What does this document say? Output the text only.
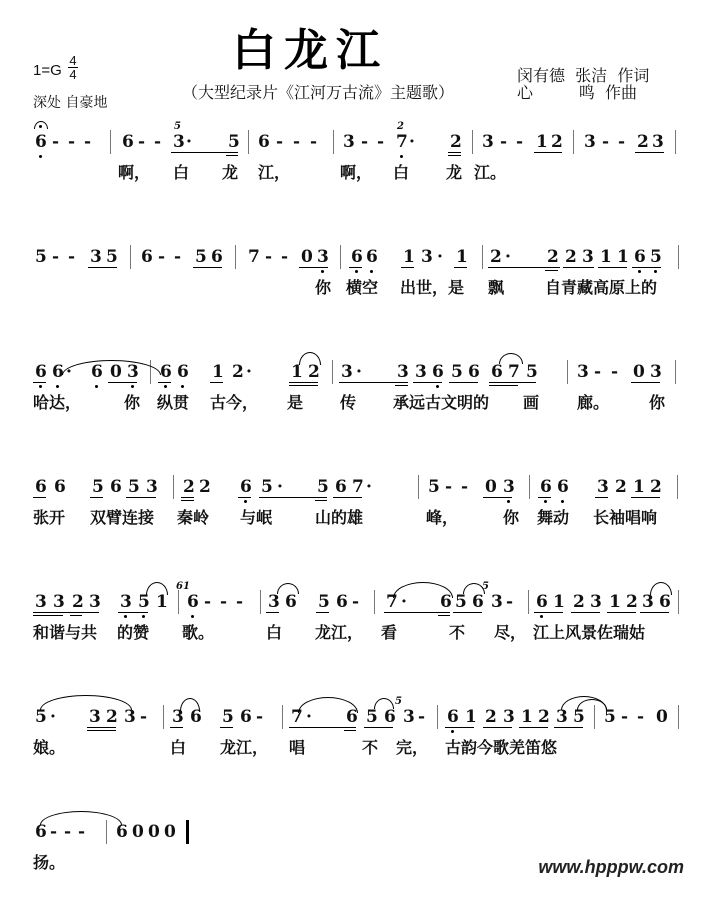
白龙江
1=G
4
4
深处 自豪地
（大型纪录片《江河万古流》主题歌）
闵有德  张洁  作词
心         鸣  作曲
6 - - - 6 - - 3 · 5 6 - - - 3 - - 7 · 2 3 - - 1 2 3 - - 2 3
5	2
啊， 白 龙 江，	啊， 白 龙 江。
5 - - 3 5 6 - - 5 6 7 - - 0 3 6 6 1 3 · 1 2 · 2 2 3 1 1 6 5
你 横空 出世，是 飘	自青藏高原上的
6 6 · 6 0 3 6 6 1 2 · 1 2 3 · 3 3 6 5 6 6 7 5 3 - - 0 3
哈达，	你 纵贯 古今， 是 传 承远古文明的 画 廊。 你
6 6 5 6 5 3 2 2 6 5 · 5 6 7 ·	5 - - 0 3 6 6 3 2 1 2
张开 双臂连接 秦岭 与岷	山的雄	峰，	你 舞动 长袖唱响
3 3 2 3 3 5 1 6 - - - 3 6 5 6 - 7 · 6 5 6 3 - 6 1 2 3 1 2 3 6
61	5
和谐与共 的赞 歌。	白 龙江， 看	不 尽， 江上风景佐瑞姑
5 · 3 2 3 - 3 6 5 6 - 7 · 6 5 6 3 - 6 1 2 3 1 2 3 5 5 - - 0
5
娘。	白 龙江， 唱	不 完， 古韵今歌羌笛悠
6 - - - 6 0 0 0
扬。	www.hpppw.com
